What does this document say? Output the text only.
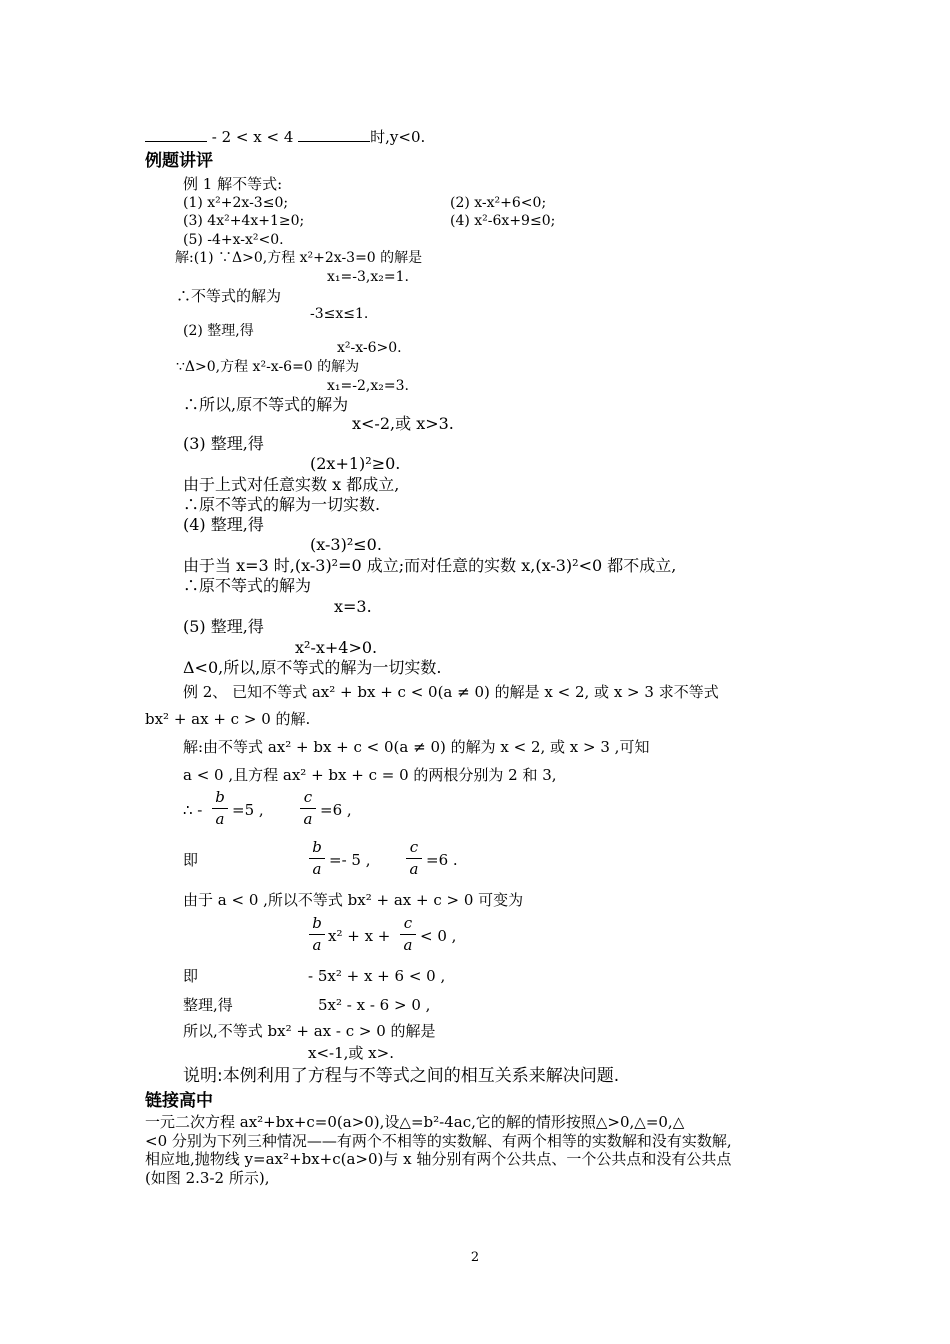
- 2 < x < 4	时,y<0.
例题讲评
例 1 解不等式:
(1) x²+2x-3≤0;	(2) x-x²+6<0;
(3) 4x²+4x+1≥0;	(4) x²-6x+9≤0;
(5) -4+x-x²<0.
解:(1) ∵Δ>0,方程 x²+2x-3=0 的解是
x₁=-3,x₂=1.
∴不等式的解为
-3≤x≤1.
(2) 整理,得
x²-x-6>0.
∵Δ>0,方程 x²-x-6=0 的解为
x₁=-2,x₂=3.
∴所以,原不等式的解为
x<-2,或 x>3.
(3) 整理,得
(2x+1)²≥0.
由于上式对任意实数 x 都成立,
∴原不等式的解为一切实数.
(4) 整理,得
(x-3)²≤0.
由于当 x=3 时,(x-3)²=0 成立;而对任意的实数 x,(x-3)²<0 都不成立,
∴原不等式的解为
x=3.
(5) 整理,得
x²-x+4>0.
Δ<0,所以,原不等式的解为一切实数.
例 2、 已知不等式 ax² + bx + c < 0(a ≠ 0) 的解是 x < 2, 或 x > 3 求不等式
bx² + ax + c > 0 的解.
解:由不等式 ax² + bx + c < 0(a ≠ 0) 的解为 x < 2, 或 x > 3 ,可知
a < 0 ,且方程 ax² + bx + c = 0 的两根分别为 2 和 3,
∴ -
b
a =5 ,
c
a =6 ,
即
b
a =- 5 ,
c
a =6 .
由于 a < 0 ,所以不等式 bx² + ax + c > 0 可变为
b
a x² + x +
c
a < 0 ,
即	- 5x² + x + 6 < 0 ,
整理,得	5x² - x - 6 > 0 ,
所以,不等式 bx² + ax - c > 0 的解是
x<-1,或 x>.
说明:本例利用了方程与不等式之间的相互关系来解决问题.
链接高中
一元二次方程 ax²+bx+c=0(a>0),设△=b²-4ac,它的解的情形按照△>0,△=0,△
<0 分别为下列三种情况——有两个不相等的实数解、有两个相等的实数解和没有实数解,
相应地,抛物线 y=ax²+bx+c(a>0)与 x 轴分别有两个公共点、一个公共点和没有公共点
(如图 2.3-2 所示),
2
